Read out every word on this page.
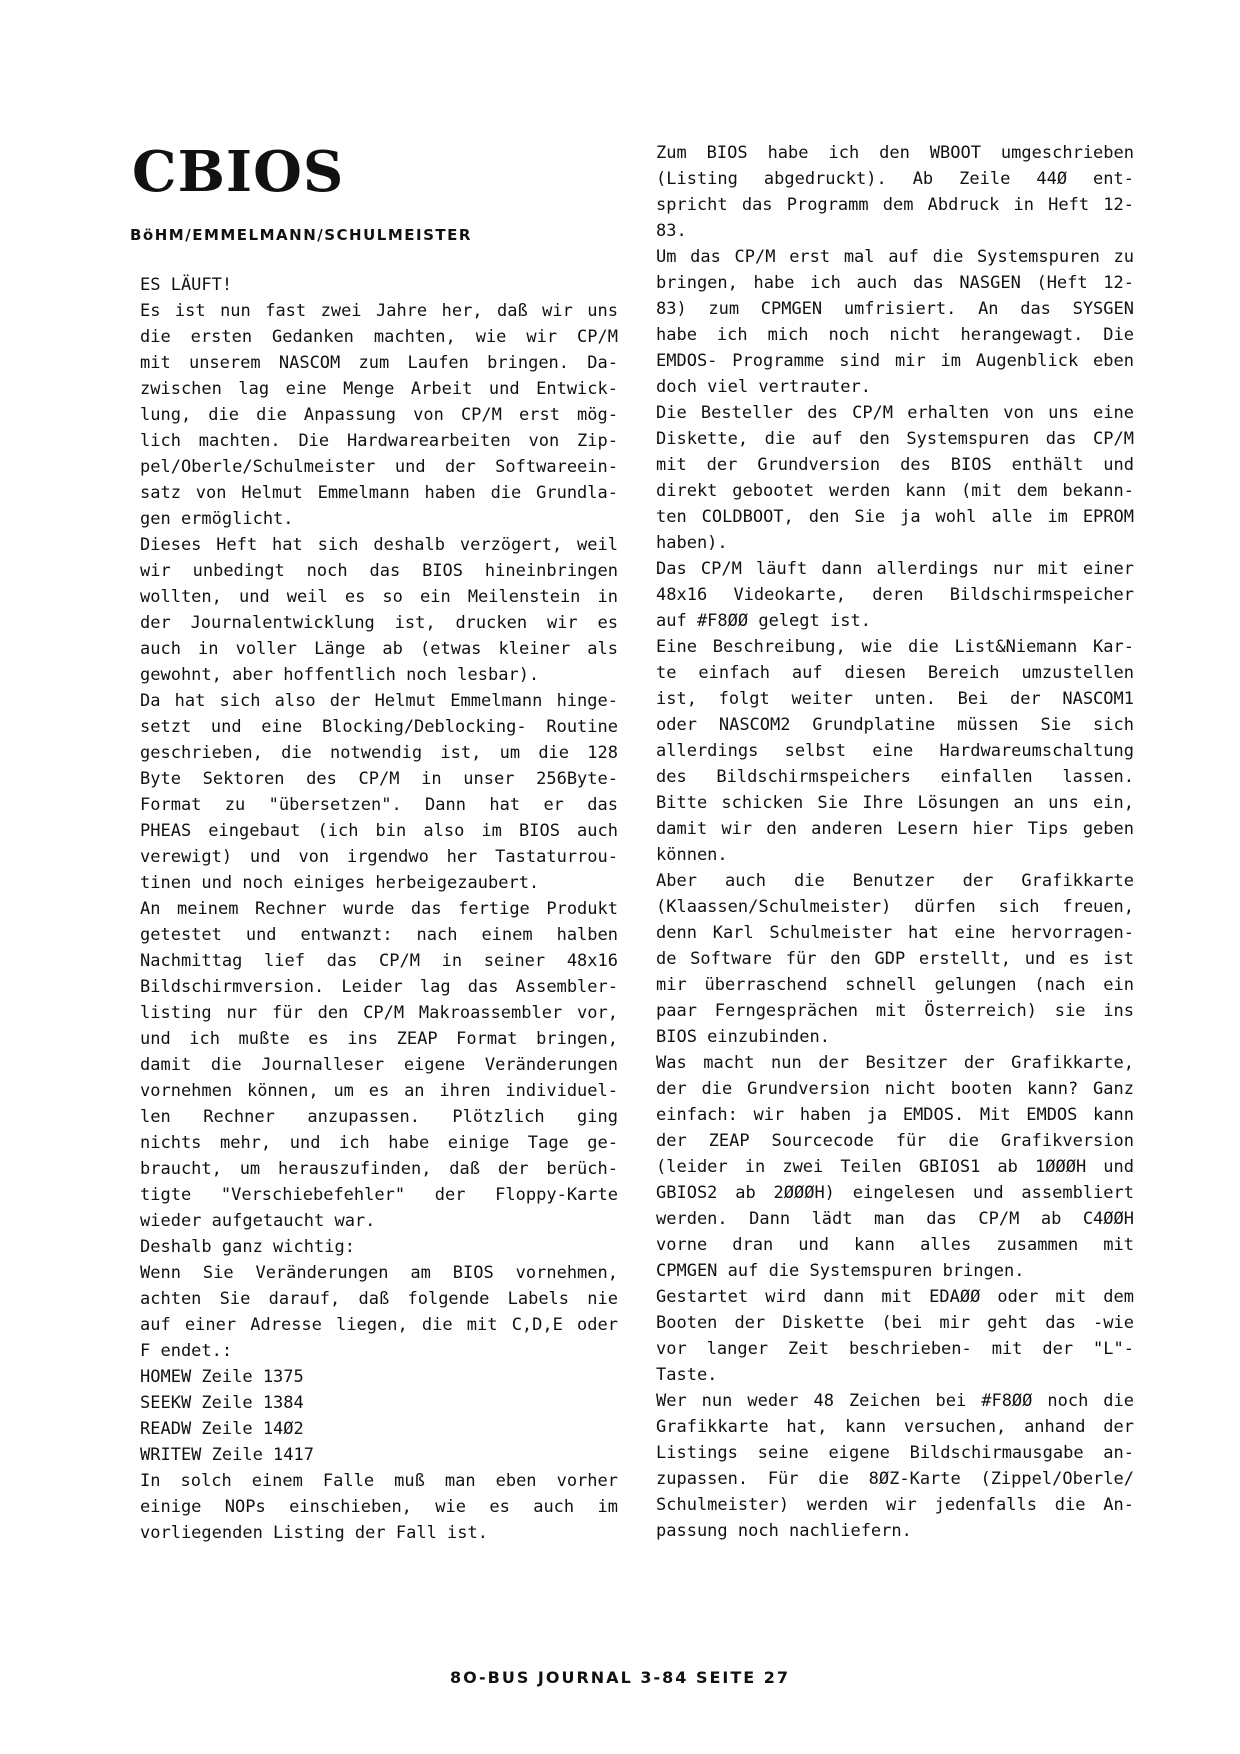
CBIOS
BöHM/EMMELMANN/SCHULMEISTER
ES LÄUFT!
Es ist nun fast zwei Jahre her, daß wir uns
die ersten Gedanken machten, wie wir CP/M
mit unserem NASCOM zum Laufen bringen. Da-
zwischen lag eine Menge Arbeit und Entwick-
lung, die die Anpassung von CP/M erst mög-
lich machten. Die Hardwarearbeiten von Zip-
pel/Oberle/Schulmeister und der Softwareein-
satz von Helmut Emmelmann haben die Grundla-
gen ermöglicht.
Dieses Heft hat sich deshalb verzögert, weil
wir unbedingt noch das BIOS hineinbringen
wollten, und weil es so ein Meilenstein in
der Journalentwicklung ist, drucken wir es
auch in voller Länge ab (etwas kleiner als
gewohnt, aber hoffentlich noch lesbar).
Da hat sich also der Helmut Emmelmann hinge-
setzt und eine Blocking/Deblocking- Routine
geschrieben, die notwendig ist, um die 128
Byte Sektoren des CP/M in unser 256Byte-
Format zu "übersetzen". Dann hat er das
PHEAS eingebaut (ich bin also im BIOS auch
verewigt) und von irgendwo her Tastaturrou-
tinen und noch einiges herbeigezaubert.
An meinem Rechner wurde das fertige Produkt
getestet und entwanzt: nach einem halben
Nachmittag lief das CP/M in seiner 48x16
Bildschirmversion. Leider lag das Assembler-
listing nur für den CP/M Makroassembler vor,
und ich mußte es ins ZEAP Format bringen,
damit die Journalleser eigene Veränderungen
vornehmen können, um es an ihren individuel-
len Rechner anzupassen. Plötzlich ging
nichts mehr, und ich habe einige Tage ge-
braucht, um herauszufinden, daß der berüch-
tigte "Verschiebefehler" der Floppy-Karte
wieder aufgetaucht war.
Deshalb ganz wichtig:
Wenn Sie Veränderungen am BIOS vornehmen,
achten Sie darauf, daß folgende Labels nie
auf einer Adresse liegen, die mit C,D,E oder
F endet.:
HOMEW Zeile 1375
SEEKW Zeile 1384
READW Zeile 14Ø2
WRITEW Zeile 1417
In solch einem Falle muß man eben vorher
einige NOPs einschieben, wie es auch im
vorliegenden Listing der Fall ist.
Zum BIOS habe ich den WBOOT umgeschrieben
(Listing abgedruckt). Ab Zeile 44Ø ent-
spricht das Programm dem Abdruck in Heft 12-
83.
Um das CP/M erst mal auf die Systemspuren zu
bringen, habe ich auch das NASGEN (Heft 12-
83) zum CPMGEN umfrisiert. An das SYSGEN
habe ich mich noch nicht herangewagt. Die
EMDOS- Programme sind mir im Augenblick eben
doch viel vertrauter.
Die Besteller des CP/M erhalten von uns eine
Diskette, die auf den Systemspuren das CP/M
mit der Grundversion des BIOS enthält und
direkt gebootet werden kann (mit dem bekann-
ten COLDBOOT, den Sie ja wohl alle im EPROM
haben).
Das CP/M läuft dann allerdings nur mit einer
48x16 Videokarte, deren Bildschirmspeicher
auf #F8ØØ gelegt ist.
Eine Beschreibung, wie die List&Niemann Kar-
te einfach auf diesen Bereich umzustellen
ist, folgt weiter unten. Bei der NASCOM1
oder NASCOM2 Grundplatine müssen Sie sich
allerdings selbst eine Hardwareumschaltung
des Bildschirmspeichers einfallen lassen.
Bitte schicken Sie Ihre Lösungen an uns ein,
damit wir den anderen Lesern hier Tips geben
können.
Aber auch die Benutzer der Grafikkarte
(Klaassen/Schulmeister) dürfen sich freuen,
denn Karl Schulmeister hat eine hervorragen-
de Software für den GDP erstellt, und es ist
mir überraschend schnell gelungen (nach ein
paar Ferngesprächen mit Österreich) sie ins
BIOS einzubinden.
Was macht nun der Besitzer der Grafikkarte,
der die Grundversion nicht booten kann? Ganz
einfach: wir haben ja EMDOS. Mit EMDOS kann
der ZEAP Sourcecode für die Grafikversion
(leider in zwei Teilen GBIOS1 ab 1ØØØH und
GBIOS2 ab 2ØØØH) eingelesen und assembliert
werden. Dann lädt man das CP/M ab C4ØØH
vorne dran und kann alles zusammen mit
CPMGEN auf die Systemspuren bringen.
Gestartet wird dann mit EDAØØ oder mit dem
Booten der Diskette (bei mir geht das -wie
vor langer Zeit beschrieben- mit der "L"-
Taste.
Wer nun weder 48 Zeichen bei #F8ØØ noch die
Grafikkarte hat, kann versuchen, anhand der
Listings seine eigene Bildschirmausgabe an-
zupassen. Für die 8ØZ-Karte (Zippel/Oberle/
Schulmeister) werden wir jedenfalls die An-
passung noch nachliefern.
8O-BUS JOURNAL 3-84 SEITE 27
